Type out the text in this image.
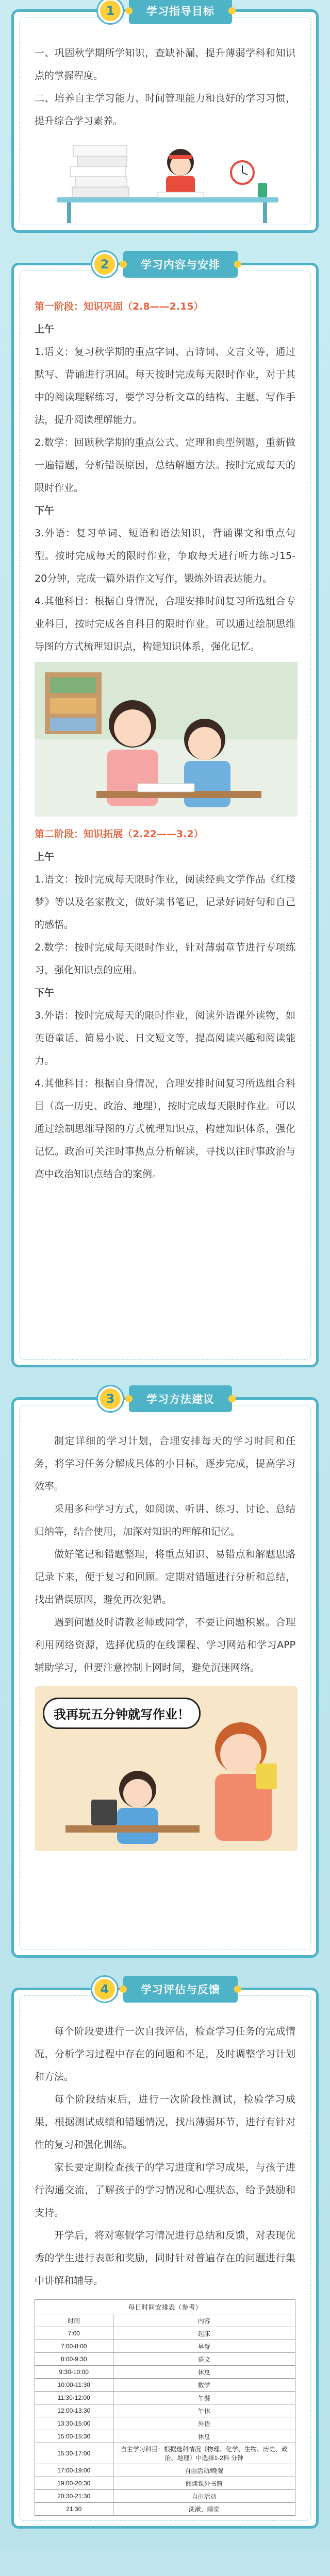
1	学习指导目标

一、巩固秋学期所学知识，查缺补漏，提升薄弱学科和知识点的掌握程度。

二、培养自主学习能力、时间管理能力和良好的学习习惯，提升综合学习素养。

2	学习内容与安排
第一阶段：知识巩固（2.8——2.15）
上午

1.语文：复习秋学期的重点字词、古诗词、文言文等，通过默写、背诵进行巩固。每天按时完成每天限时作业，对于其中的阅读理解练习，要学习分析文章的结构、主题、写作手法，提升阅读理解能力。

2.数学：回顾秋学期的重点公式、定理和典型例题，重新做一遍错题，分析错误原因，总结解题方法。按时完成每天的限时作业。

下午

3.外语：复习单词、短语和语法知识，背诵课文和重点句型。按时完成每天的限时作业，争取每天进行听力练习15-20分钟，完成一篇外语作文写作，锻炼外语表达能力。

4.其他科目：根据自身情况，合理安排时间复习所选组合专业科目，按时完成各自科目的限时作业。可以通过绘制思维导图的方式梳理知识点，构建知识体系，强化记忆。

第二阶段：知识拓展（2.22——3.2）
上午

1.语文：按时完成每天限时作业，阅读经典文学作品《红楼梦》等以及名家散文，做好读书笔记，记录好词好句和自己的感悟。

2.数学：按时完成每天限时作业，针对薄弱章节进行专项练习，强化知识点的应用。

下午

3.外语：按时完成每天的限时作业，阅读外语课外读物，如英语童话、简易小说、日文短文等，提高阅读兴趣和阅读能力。

4.其他科目：根据自身情况，合理安排时间复习所选组合科目（高一历史、政治、地理），按时完成每天限时作业。可以通过绘制思维导图的方式梳理知识点，构建知识体系，强化记忆。政治可关注时事热点分析解读，寻找以往时事政治与高中政治知识点结合的案例。

3	学习方法建议

制定详细的学习计划，合理安排每天的学习时间和任务，将学习任务分解成具体的小目标，逐步完成，提高学习效率。

采用多种学习方式，如阅读、听讲、练习、讨论、总结归纳等，结合使用，加深对知识的理解和记忆。

做好笔记和错题整理，将重点知识、易错点和解题思路记录下来，便于复习和回顾。定期对错题进行分析和总结，找出错误原因，避免再次犯错。

遇到问题及时请教老师或同学，不要让问题积累。合理利用网络资源，选择优质的在线课程、学习网站和学习APP辅助学习，但要注意控制上网时间，避免沉迷网络。

我再玩五分钟就写作业！
4	学习评估与反馈

每个阶段要进行一次自我评估，检查学习任务的完成情况，分析学习过程中存在的问题和不足，及时调整学习计划和方法。

每个阶段结束后，进行一次阶段性测试，检验学习成果，根据测试成绩和错题情况，找出薄弱环节，进行有针对性的复习和强化训练。

家长要定期检查孩子的学习进度和学习成果，与孩子进行沟通交流，了解孩子的学习情况和心理状态，给予鼓励和支持。

开学后，将对寒假学习情况进行总结和反馈，对表现优秀的学生进行表彰和奖励，同时针对普遍存在的问题进行集中讲解和辅导。

每日时间安排表（参考）
时间	内容
7:00	起床
7:00-8:00	早餐
8:00-9:30	语文
9:30-10:00	休息
10:00-11:30	数学
11:30-12:00	午餐
12:00-13:30	午休
13:30-15:00	外语
15:00-15:30	休息
15:30-17:00	自主学习科目：根据选科情况（物理、化学、生物、历史、政治、地理）中选择1-2科 分钟
17:00-19:00	自由活动/晚餐
19:00-20:30	阅读课外书籍
20:30-21:30	自由活动
21:30	洗漱、睡觉
